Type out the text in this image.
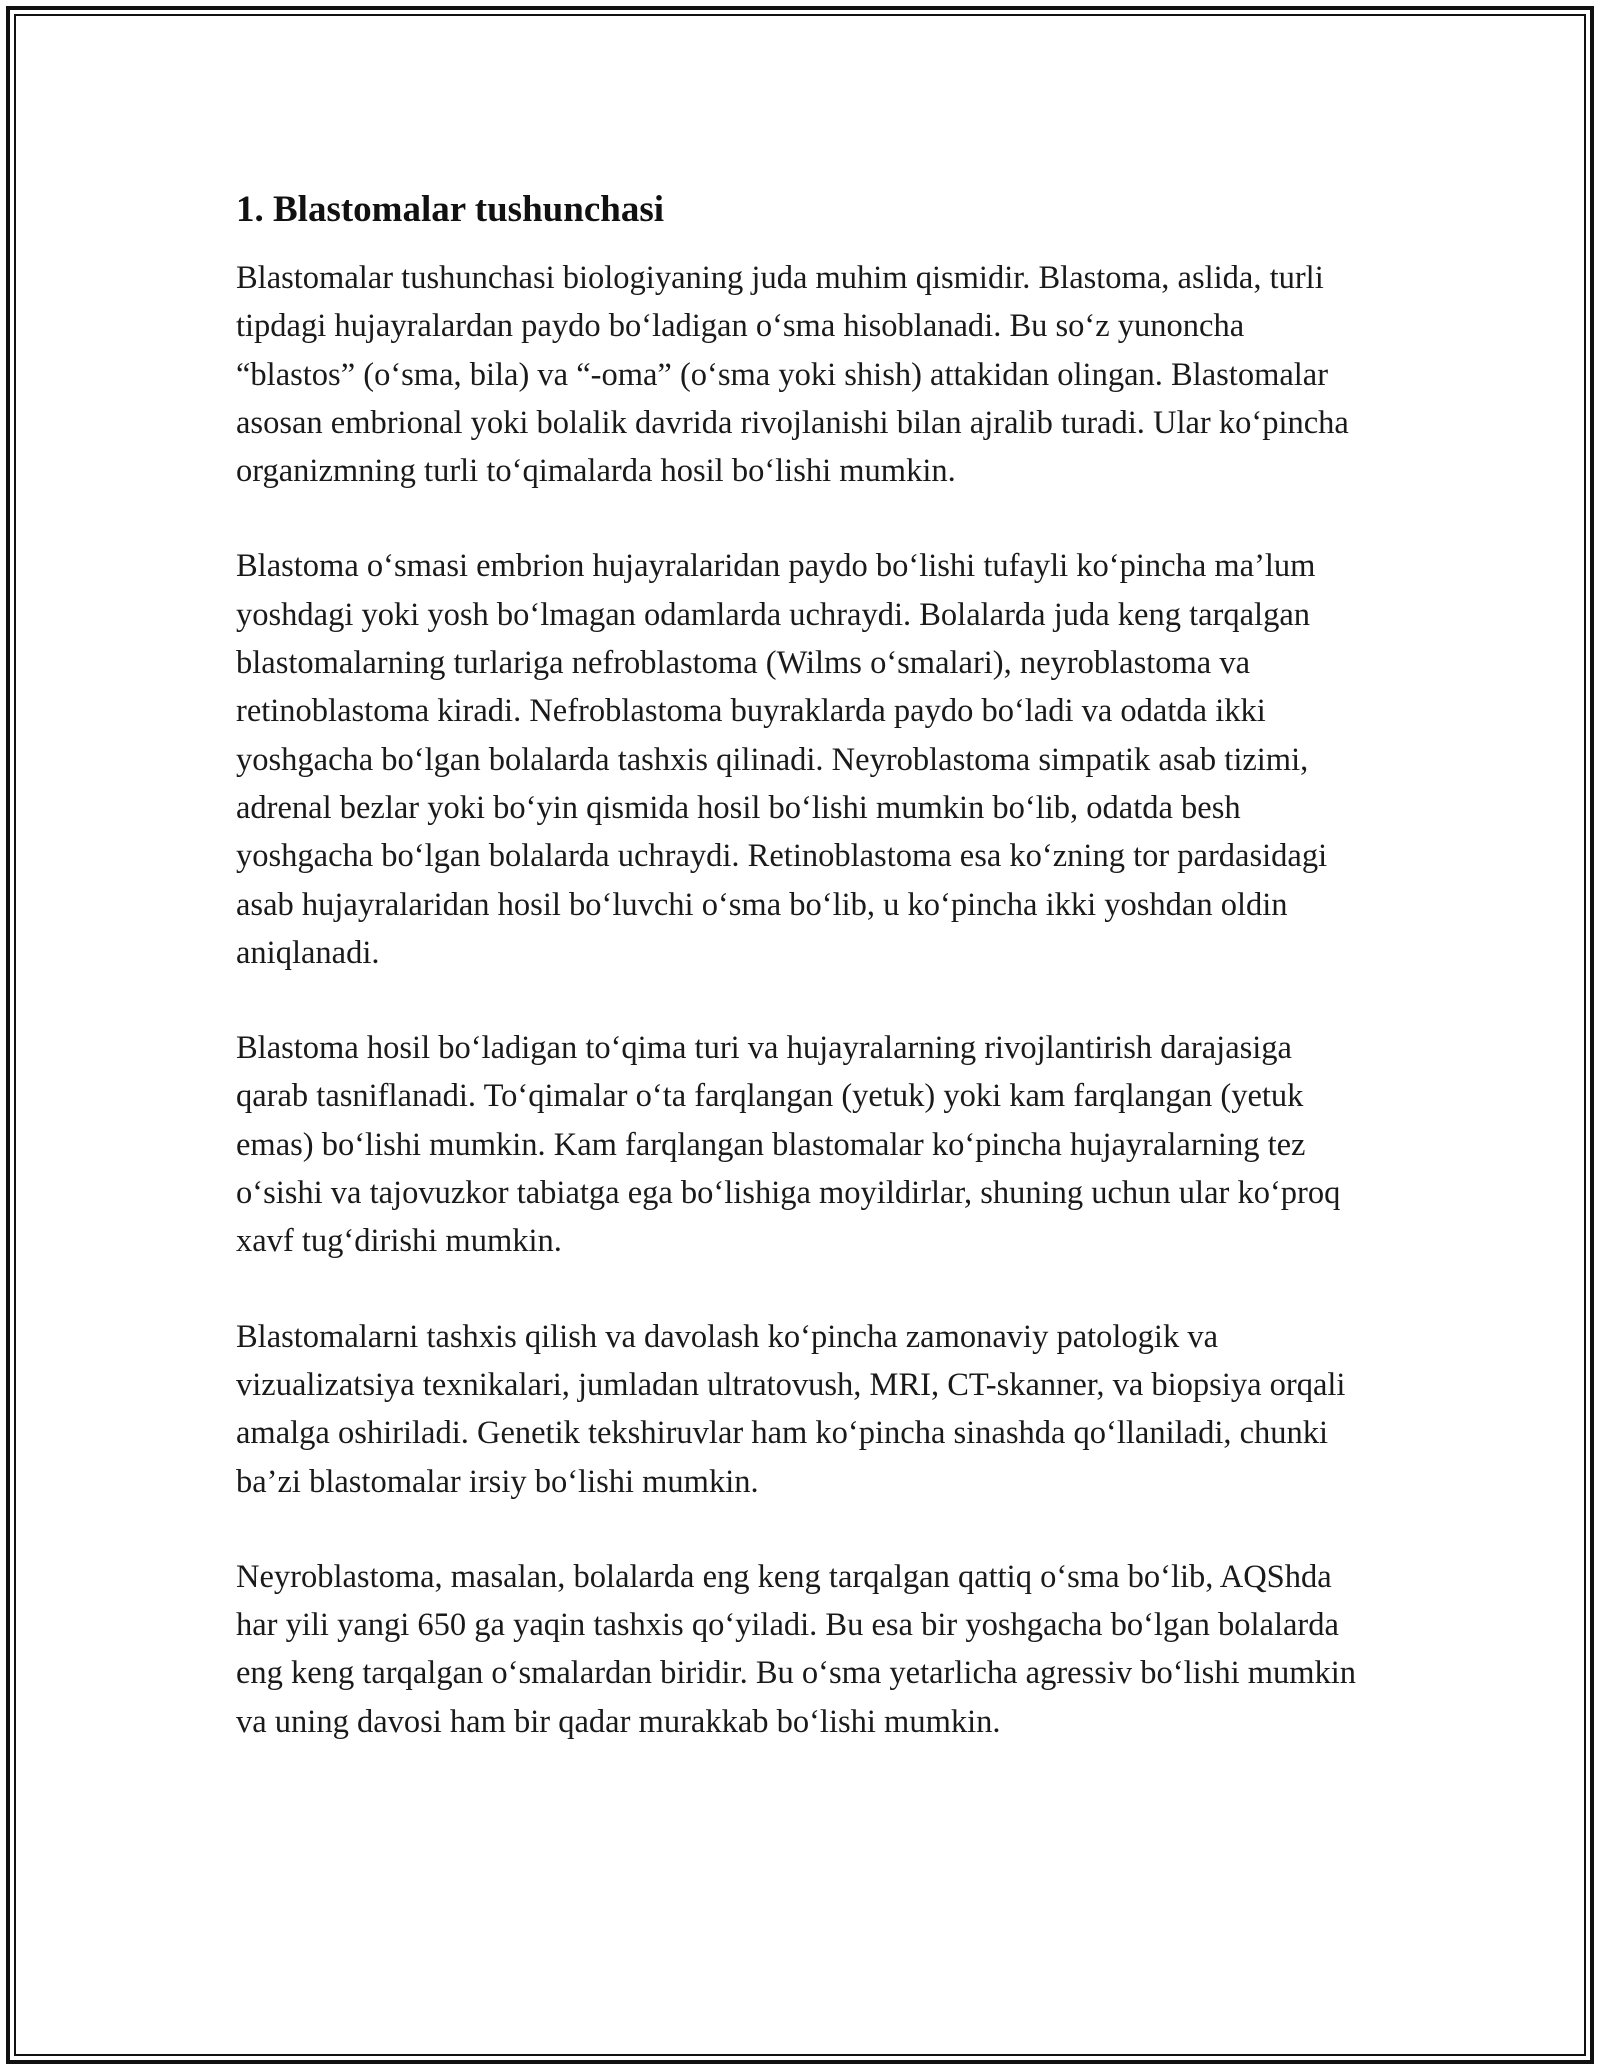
1. Blastomalar tushunchasi

Blastomalar tushunchasi biologiyaning juda muhim qismidir. Blastoma, aslida, turli tipdagi hujayralardan paydo bo‘ladigan o‘sma hisoblanadi. Bu so‘z yunoncha “blastos” (o‘sma, bila) va “-oma” (o‘sma yoki shish) attakidan olingan. Blastomalar asosan embrional yoki bolalik davrida rivojlanishi bilan ajralib turadi. Ular ko‘pincha organizmning turli to‘qimalarda hosil bo‘lishi mumkin.

Blastoma o‘smasi embrion hujayralaridan paydo bo‘lishi tufayli ko‘pincha ma’lum yoshdagi yoki yosh bo‘lmagan odamlarda uchraydi. Bolalarda juda keng tarqalgan blastomalarning turlariga nefroblastoma (Wilms o‘smalari), neyroblastoma va retinoblastoma kiradi. Nefroblastoma buyraklarda paydo bo‘ladi va odatda ikki yoshgacha bo‘lgan bolalarda tashxis qilinadi. Neyroblastoma simpatik asab tizimi, adrenal bezlar yoki bo‘yin qismida hosil bo‘lishi mumkin bo‘lib, odatda besh yoshgacha bo‘lgan bolalarda uchraydi. Retinoblastoma esa ko‘zning tor pardasidagi asab hujayralaridan hosil bo‘luvchi o‘sma bo‘lib, u ko‘pincha ikki yoshdan oldin aniqlanadi.

Blastoma hosil bo‘ladigan to‘qima turi va hujayralarning rivojlantirish darajasiga qarab tasniflanadi. To‘qimalar o‘ta farqlangan (yetuk) yoki kam farqlangan (yetuk emas) bo‘lishi mumkin. Kam farqlangan blastomalar ko‘pincha hujayralarning tez o‘sishi va tajovuzkor tabiatga ega bo‘lishiga moyildirlar, shuning uchun ular ko‘proq xavf tug‘dirishi mumkin.

Blastomalarni tashxis qilish va davolash ko‘pincha zamonaviy patologik va vizualizatsiya texnikalari, jumladan ultratovush, MRI, CT-skanner, va biopsiya orqali amalga oshiriladi. Genetik tekshiruvlar ham ko‘pincha sinashda qo‘llaniladi, chunki ba’zi blastomalar irsiy bo‘lishi mumkin.

Neyroblastoma, masalan, bolalarda eng keng tarqalgan qattiq o‘sma bo‘lib, AQShda har yili yangi 650 ga yaqin tashxis qo‘yiladi. Bu esa bir yoshgacha bo‘lgan bolalarda eng keng tarqalgan o‘smalardan biridir. Bu o‘sma yetarlicha agressiv bo‘lishi mumkin va uning davosi ham bir qadar murakkab bo‘lishi mumkin.
